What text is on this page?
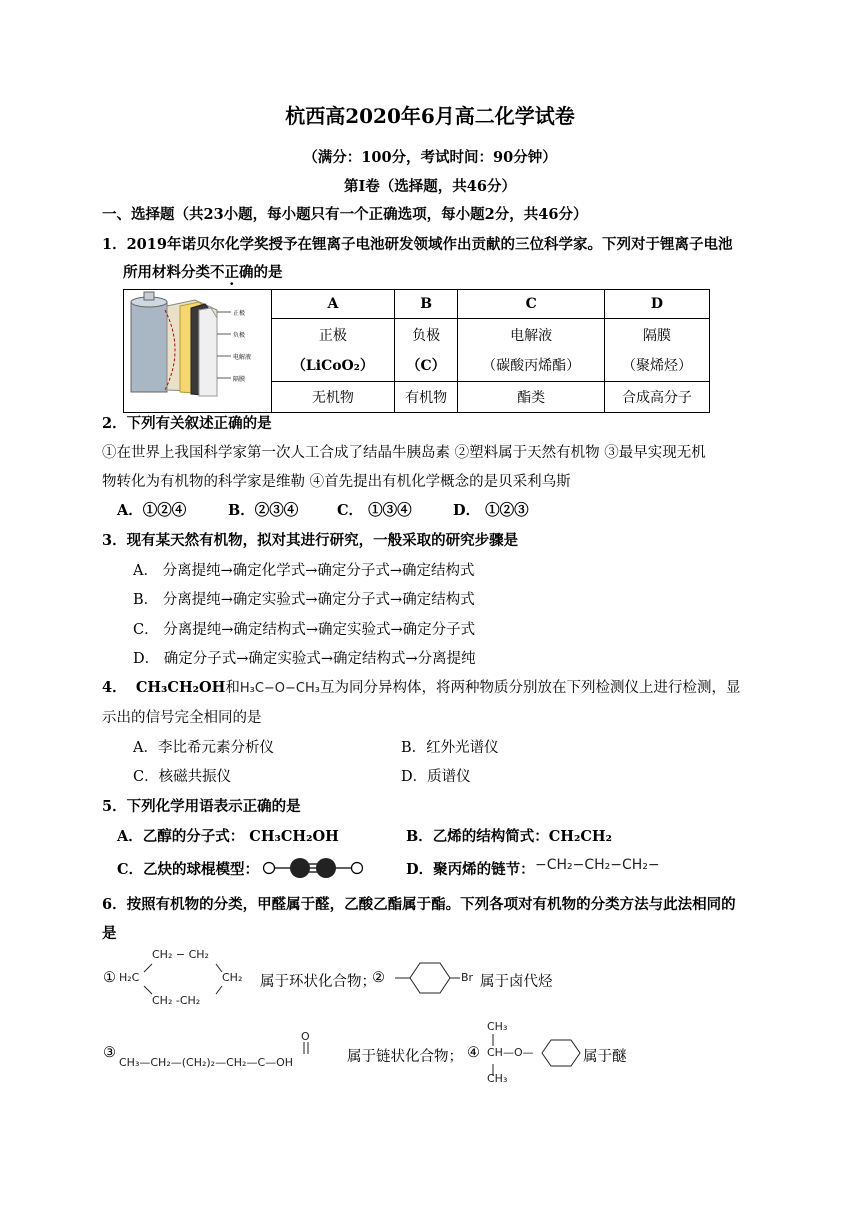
杭西高2020年6月高二化学试卷
（满分：100分，考试时间：90分钟）
第I卷（选择题，共46分）
一、选择题（共23小题，每小题只有一个正确选项，每小题2分，共46分）
1．2019年诺贝尔化学奖授予在锂离子电池研发领域作出贡献的三位科学家。下列对于锂离子电池
所用材料分类不正确的是
正极
负极
电解液
隔膜	A	B	C	D
	正极	负极	电解液	隔膜
	（LiCoO₂）	（C）	（碳酸丙烯酯）	（聚烯烃）
	无机物	有机物	酯类	合成高分子
2．下列有关叙述正确的是
①在世界上我国科学家第一次人工合成了结晶牛胰岛素 ②塑料属于天然有机物 ③最早实现无机
物转化为有机物的科学家是维勒 ④首先提出有机化学概念的是贝采利乌斯
A．①②④	B．②③④	C． ①③④	D． ①②③
3．现有某天然有机物，拟对其进行研究，一般采取的研究步骤是
A． 分离提纯→确定化学式→确定分子式→确定结构式
B． 分离提纯→确定实验式→确定分子式→确定结构式
C． 分离提纯→确定结构式→确定实验式→确定分子式
D． 确定分子式→确定实验式→确定结构式→分离提纯
4． CH₃CH₂OH和H₃C−O−CH₃互为同分异构体，将两种物质分别放在下列检测仪上进行检测，显
示出的信号完全相同的是
A．李比希元素分析仪	B．红外光谱仪
C．核磁共振仪	D．质谱仪
5．下列化学用语表示正确的是
A．乙醇的分子式： CH₃CH₂OH	B．乙烯的结构简式：CH₂CH₂
C．乙炔的球棍模型：	D．聚丙烯的链节： −CH₂−CH₂−CH₂−
6．按照有机物的分类，甲醛属于醛，乙酸乙酯属于酯。下列各项对有机物的分类方法与此法相同的
是
①
CH₂ − CH₂
H₂C	CH₂
CH₂ -CH₂
属于环状化合物；
②	Br 属于卤代烃
③
O
CH₃—CH₂—(CH₂)₂—CH₂—C—OH	属于链状化合物； ④
CH₃
CH—O—
CH₃
属于醚
